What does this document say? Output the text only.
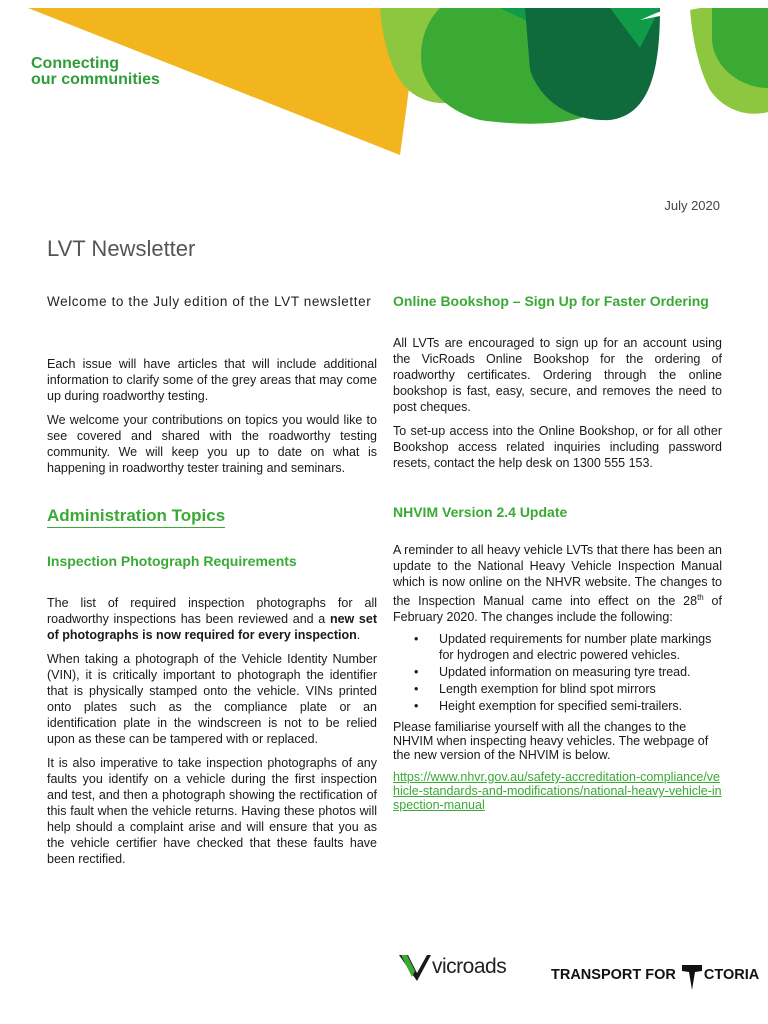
Connecting
our communities
July 2020
LVT Newsletter

Welcome to the July edition of the LVT newsletter

Each issue will have articles that will include additional information to clarify some of the grey areas that may come up during roadworthy testing.

We welcome your contributions on topics you would like to see covered and shared with the roadworthy testing community. We will keep you up to date on what is happening in roadworthy tester training and seminars.

Administration Topics
Inspection Photograph Requirements

The list of required inspection photographs for all roadworthy inspections has been reviewed and a new set of photographs is now required for every inspection.

When taking a photograph of the Vehicle Identity Number (VIN), it is critically important to photograph the identifier that is physically stamped onto the vehicle. VINs printed onto plates such as the compliance plate or an identification plate in the windscreen is not to be relied upon as these can be tampered with or replaced.

It is also imperative to take inspection photographs of any faults you identify on a vehicle during the first inspection and test, and then a photograph showing the rectification of this fault when the vehicle returns. Having these photos will help should a complaint arise and will ensure that you as the vehicle certifier have checked that these faults have been rectified.

Online Bookshop – Sign Up for Faster Ordering

All LVTs are encouraged to sign up for an account using the VicRoads Online Bookshop for the ordering of roadworthy certificates. Ordering through the online bookshop is fast, easy, secure, and removes the need to post cheques.

To set-up access into the Online Bookshop, or for all other Bookshop access related inquiries including password resets, contact the help desk on 1300 555 153.

NHVIM Version 2.4 Update

A reminder to all heavy vehicle LVTs that there has been an update to the National Heavy Vehicle Inspection Manual which is now online on the NHVR website. The changes to the Inspection Manual came into effect on the 28th of February 2020. The changes include the following:

• Updated requirements for number plate markings for hydrogen and electric powered vehicles.
• Updated information on measuring tyre tread.
• Length exemption for blind spot mirrors
• Height exemption for specified semi-trailers.

Please familiarise yourself with all the changes to the NHVIM when inspecting heavy vehicles. The webpage of the new version of the NHVIM is below.

https://www.nhvr.gov.au/safety-accreditation-compliance/vehicle-standards-and-modifications/national-heavy-vehicle-inspection-manual
vicroads	TRANSPORT FOR CTORIA
